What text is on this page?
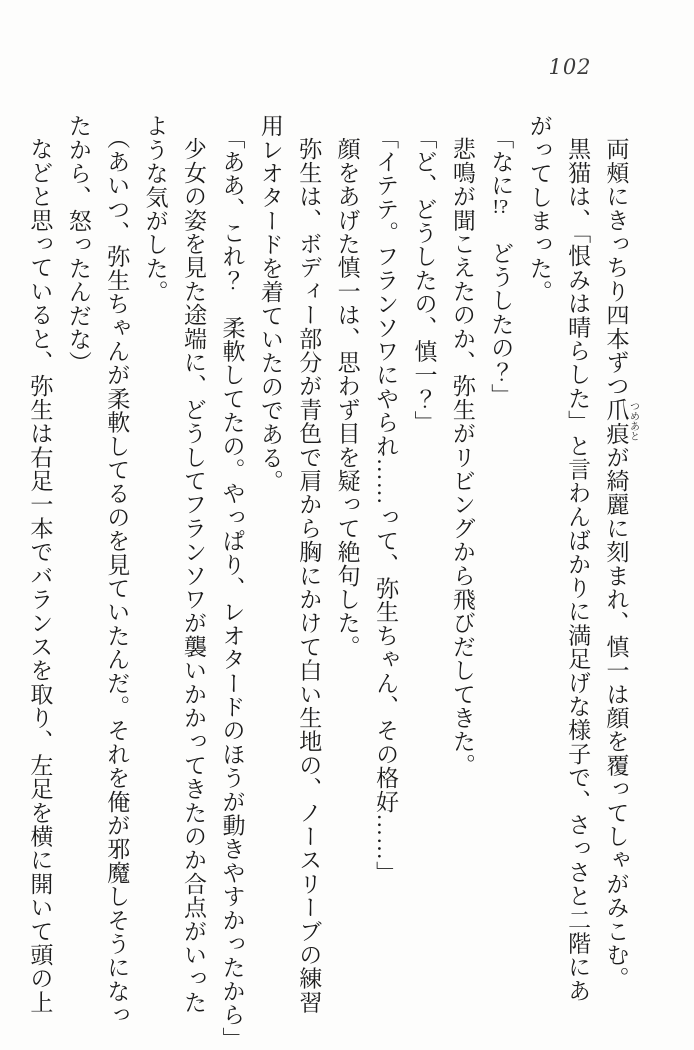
102

両頰にきっちり四本ずつ爪痕 つめあとが綺麗に刻まれ、慎一は顔を覆ってしゃがみこむ。

黒猫は、「恨みは晴らした」と言わんばかりに満足げな様子で、さっさと二階にあ

がってしまった。

「なに!?　どうしたの？」

悲鳴が聞こえたのか、弥生がリビングから飛びだしてきた。

「ど、どうしたの、慎一？」

「イテテ。フランソワにやられ……って、弥生ちゃん、その格好……」

顔をあげた慎一は、思わず目を疑って絶句した。

弥生は、ボディー部分が青色で肩から胸にかけて白い生地の、ノースリーブの練習

用レオタードを着ていたのである。

「ああ、これ？　柔軟してたの。やっぱり、レオタードのほうが動きやすかったから」

少女の姿を見た途端に、どうしてフランソワが襲いかかってきたのか合点がいった

ような気がした。

（あいつ、弥生ちゃんが柔軟してるのを見ていたんだ。それを俺が邪魔しそうになっ

たから、怒ったんだな）

などと思っていると、弥生は右足一本でバランスを取り、左足を横に開いて頭の上
